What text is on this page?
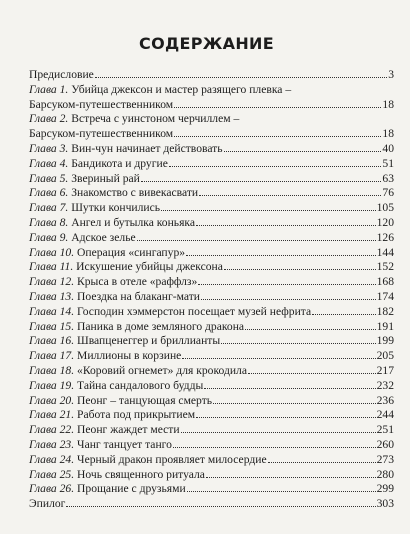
СОДЕРЖАНИЕ
Предисловие	3
Глава 1. Убийца джексон и мастер разящего плевка –
Барсуком-путешественником	18
Глава 2. Встреча с уинстоном черчиллем –
Барсуком-путешественником	18
Глава 3. Вин-чун начинает действовать	40
Глава 4. Бандикота и другие	51
Глава 5. Звериный рай	63
Глава 6. Знакомство с вивекасвати	76
Глава 7. Шутки кончились	105
Глава 8. Ангел и бутылка коньяка	120
Глава 9. Адское зелье	126
Глава 10. Операция «сингапур»	144
Глава 11. Искушение убийцы джексона	152
Глава 12. Крыса в отеле «раффлз»	168
Глава 13. Поездка на блаканг-мати	174
Глава 14. Господин хэммерстон посещает музей нефрита	182
Глава 15. Паника в доме земляного дракона	191
Глава 16. Швапценеггер и бриллианты	199
Глава 17. Миллионы в корзине	205
Глава 18. «Коровий огнемет» для крокодила	217
Глава 19. Тайна сандалового будды	232
Глава 20. Пеонг – танцующая смерть	236
Глава 21. Работа под прикрытием	244
Глава 22. Пеонг жаждет мести	251
Глава 23. Чанг танцует танго	260
Глава 24. Черный дракон проявляет милосердие	273
Глава 25. Ночь священного ритуала	280
Глава 26. Прощание с друзьями	299
Эпилог	303
